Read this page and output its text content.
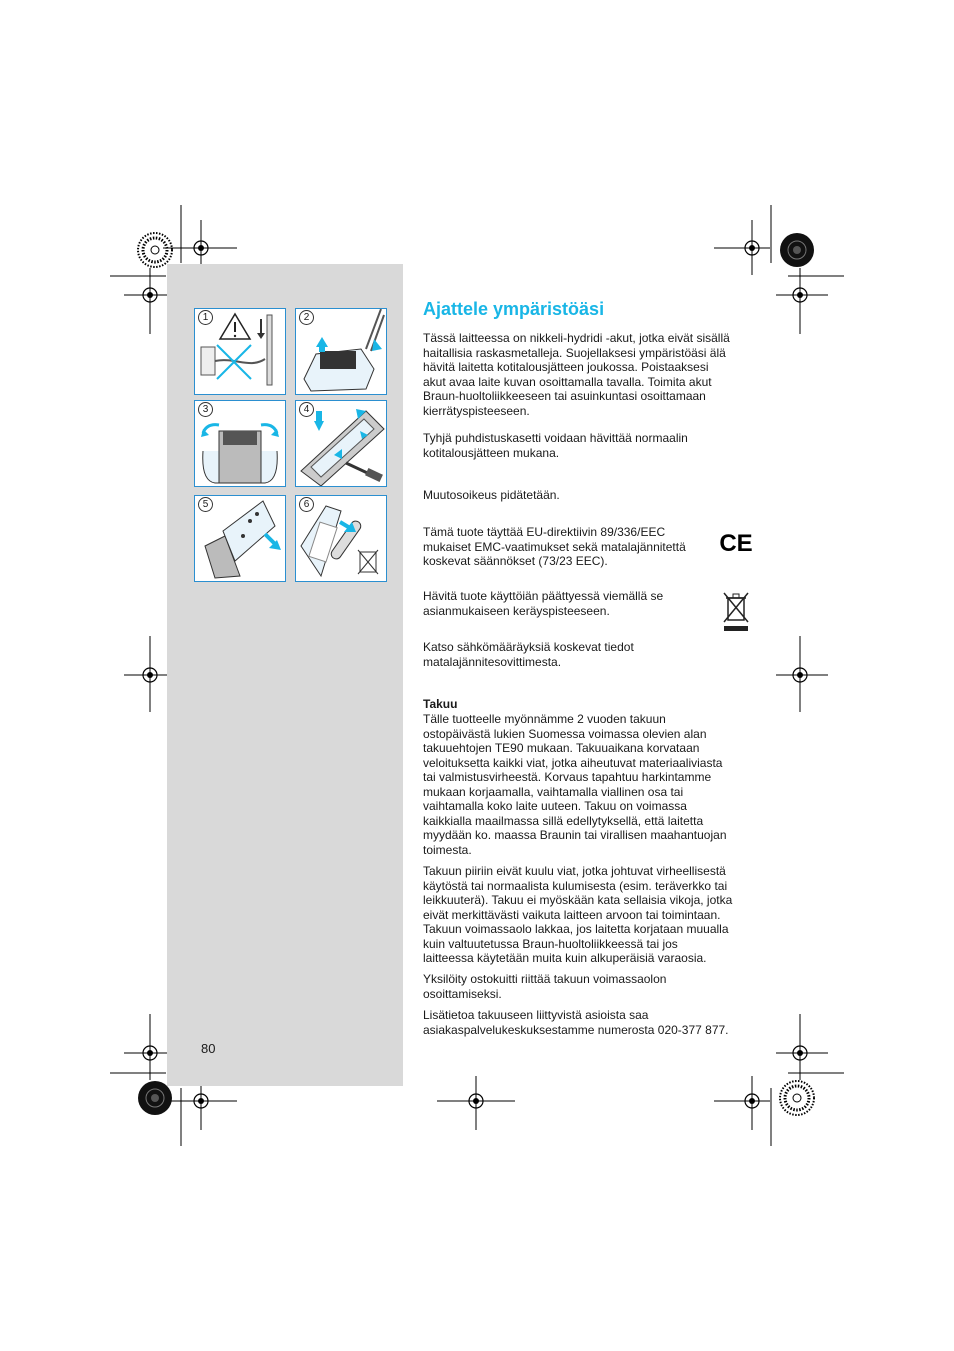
1	2
3	4
5	6
Ajattele ympäristöäsi
Tässä laitteessa on nikkeli-hydridi -akut, jotka eivät sisällä
haitallisia raskasmetalleja. Suojellaksesi ympäristöäsi älä
hävitä laitetta kotitalousjätteen joukossa. Poistaaksesi
akut avaa laite kuvan osoittamalla tavalla. Toimita akut
Braun-huoltoliikkeeseen tai asuinkuntasi osoittamaan
kierrätyspisteeseen.
Tyhjä puhdistuskasetti voidaan hävittää normaalin
kotitalousjätteen mukana.
Muutosoikeus pidätetään.
Tämä tuote täyttää EU-direktiivin 89/336/EEC
mukaiset EMC-vaatimukset sekä matalajännitettä
koskevat säännökset (73/23 EEC).
CE
Hävitä tuote käyttöiän päättyessä viemällä se
asianmukaiseen keräyspisteeseen.
Katso sähkömääräyksiä koskevat tiedot
matalajännitesovittimesta.
Takuu
Tälle tuotteelle myönnämme 2 vuoden takuun
ostopäivästä lukien Suomessa voimassa olevien alan
takuuehtojen TE90 mukaan. Takuuaikana korvataan
veloituksetta kaikki viat, jotka aiheutuvat materiaaliviasta
tai valmistusvirheestä. Korvaus tapahtuu harkintamme
mukaan korjaamalla, vaihtamalla viallinen osa tai
vaihtamalla koko laite uuteen. Takuu on voimassa
kaikkialla maailmassa sillä edellytyksellä, että laitetta
myydään ko. maassa Braunin tai virallisen maahantuojan
toimesta.
Takuun piiriin eivät kuulu viat, jotka johtuvat virheellisestä
käytöstä tai normaalista kulumisesta (esim. teräverkko tai
leikkuuterä). Takuu ei myöskään kata sellaisia vikoja, jotka
eivät merkittävästi vaikuta laitteen arvoon tai toimintaan.
Takuun voimassaolo lakkaa, jos laitetta korjataan muualla
kuin valtuutetussa Braun-huoltoliikkeessä tai jos
laitteessa käytetään muita kuin alkuperäisiä varaosia.
Yksilöity ostokuitti riittää takuun voimassaolon
osoittamiseksi.
Lisätietoa takuuseen liittyvistä asioista saa
asiakaspalvelukeskuksestamme numerosta 020-377 877.
80
